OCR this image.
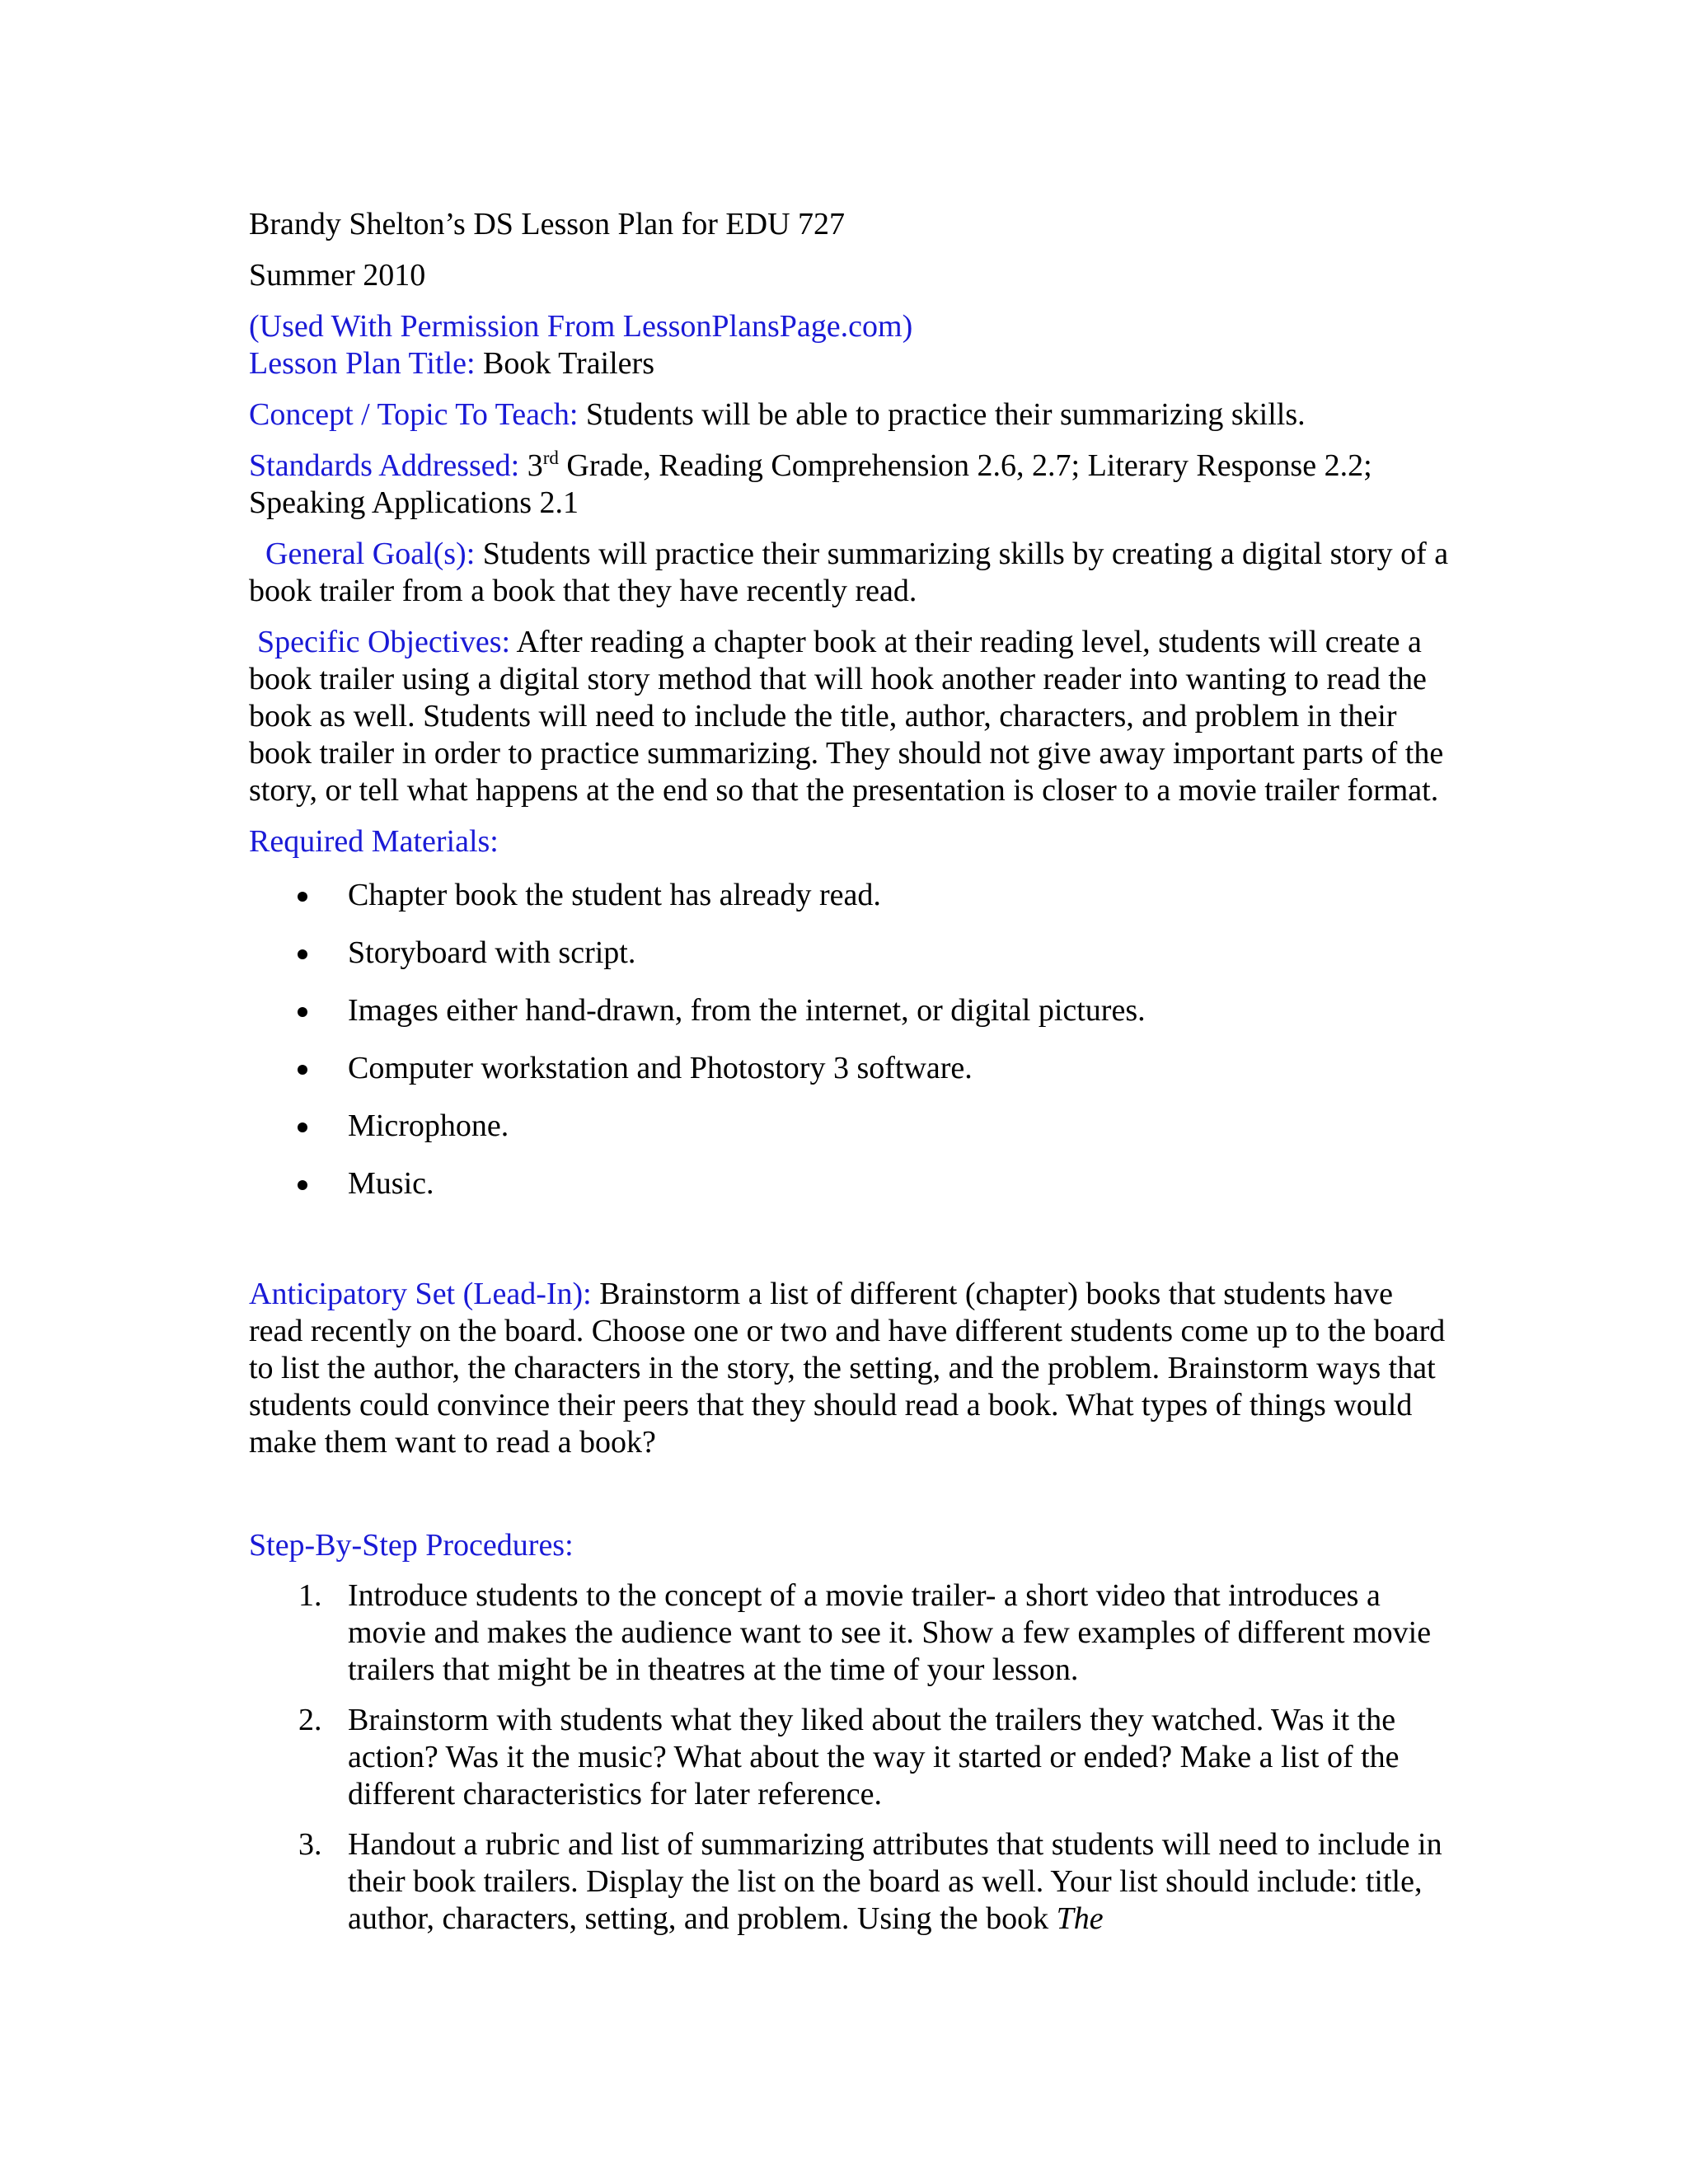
Brandy Shelton’s DS Lesson Plan for EDU 727

Summer 2010

(Used With Permission From LessonPlansPage.com)

Lesson Plan Title: Book Trailers

Concept / Topic To Teach: Students will be able to practice their summarizing skills.

Standards Addressed: 3rd Grade, Reading Comprehension 2.6, 2.7; Literary Response 2.2; Speaking Applications 2.1

General Goal(s): Students will practice their summarizing skills by creating a digital story of a book trailer from a book that they have recently read.

Specific Objectives: After reading a chapter book at their reading level, students will create a book trailer using a digital story method that will hook another reader into wanting to read the book as well. Students will need to include the title, author, characters, and problem in their book trailer in order to practice summarizing. They should not give away important parts of the story, or tell what happens at the end so that the presentation is closer to a movie trailer format.

Required Materials:

Chapter book the student has already read.
Storyboard with script.
Images either hand-drawn, from the internet, or digital pictures.
Computer workstation and Photostory 3 software.
Microphone.
Music.

Anticipatory Set (Lead-In): Brainstorm a list of different (chapter) books that students have read recently on the board. Choose one or two and have different students come up to the board to list the author, the characters in the story, the setting, and the problem. Brainstorm ways that students could convince their peers that they should read a book. What types of things would make them want to read a book?

Step-By-Step Procedures:

1. Introduce students to the concept of a movie trailer- a short video that introduces a movie and makes the audience want to see it. Show a few examples of different movie trailers that might be in theatres at the time of your lesson.
2. Brainstorm with students what they liked about the trailers they watched. Was it the action? Was it the music? What about the way it started or ended? Make a list of the different characteristics for later reference.
3. Handout a rubric and list of summarizing attributes that students will need to include in their book trailers. Display the list on the board as well. Your list should include: title, author, characters, setting, and problem. Using the book The
